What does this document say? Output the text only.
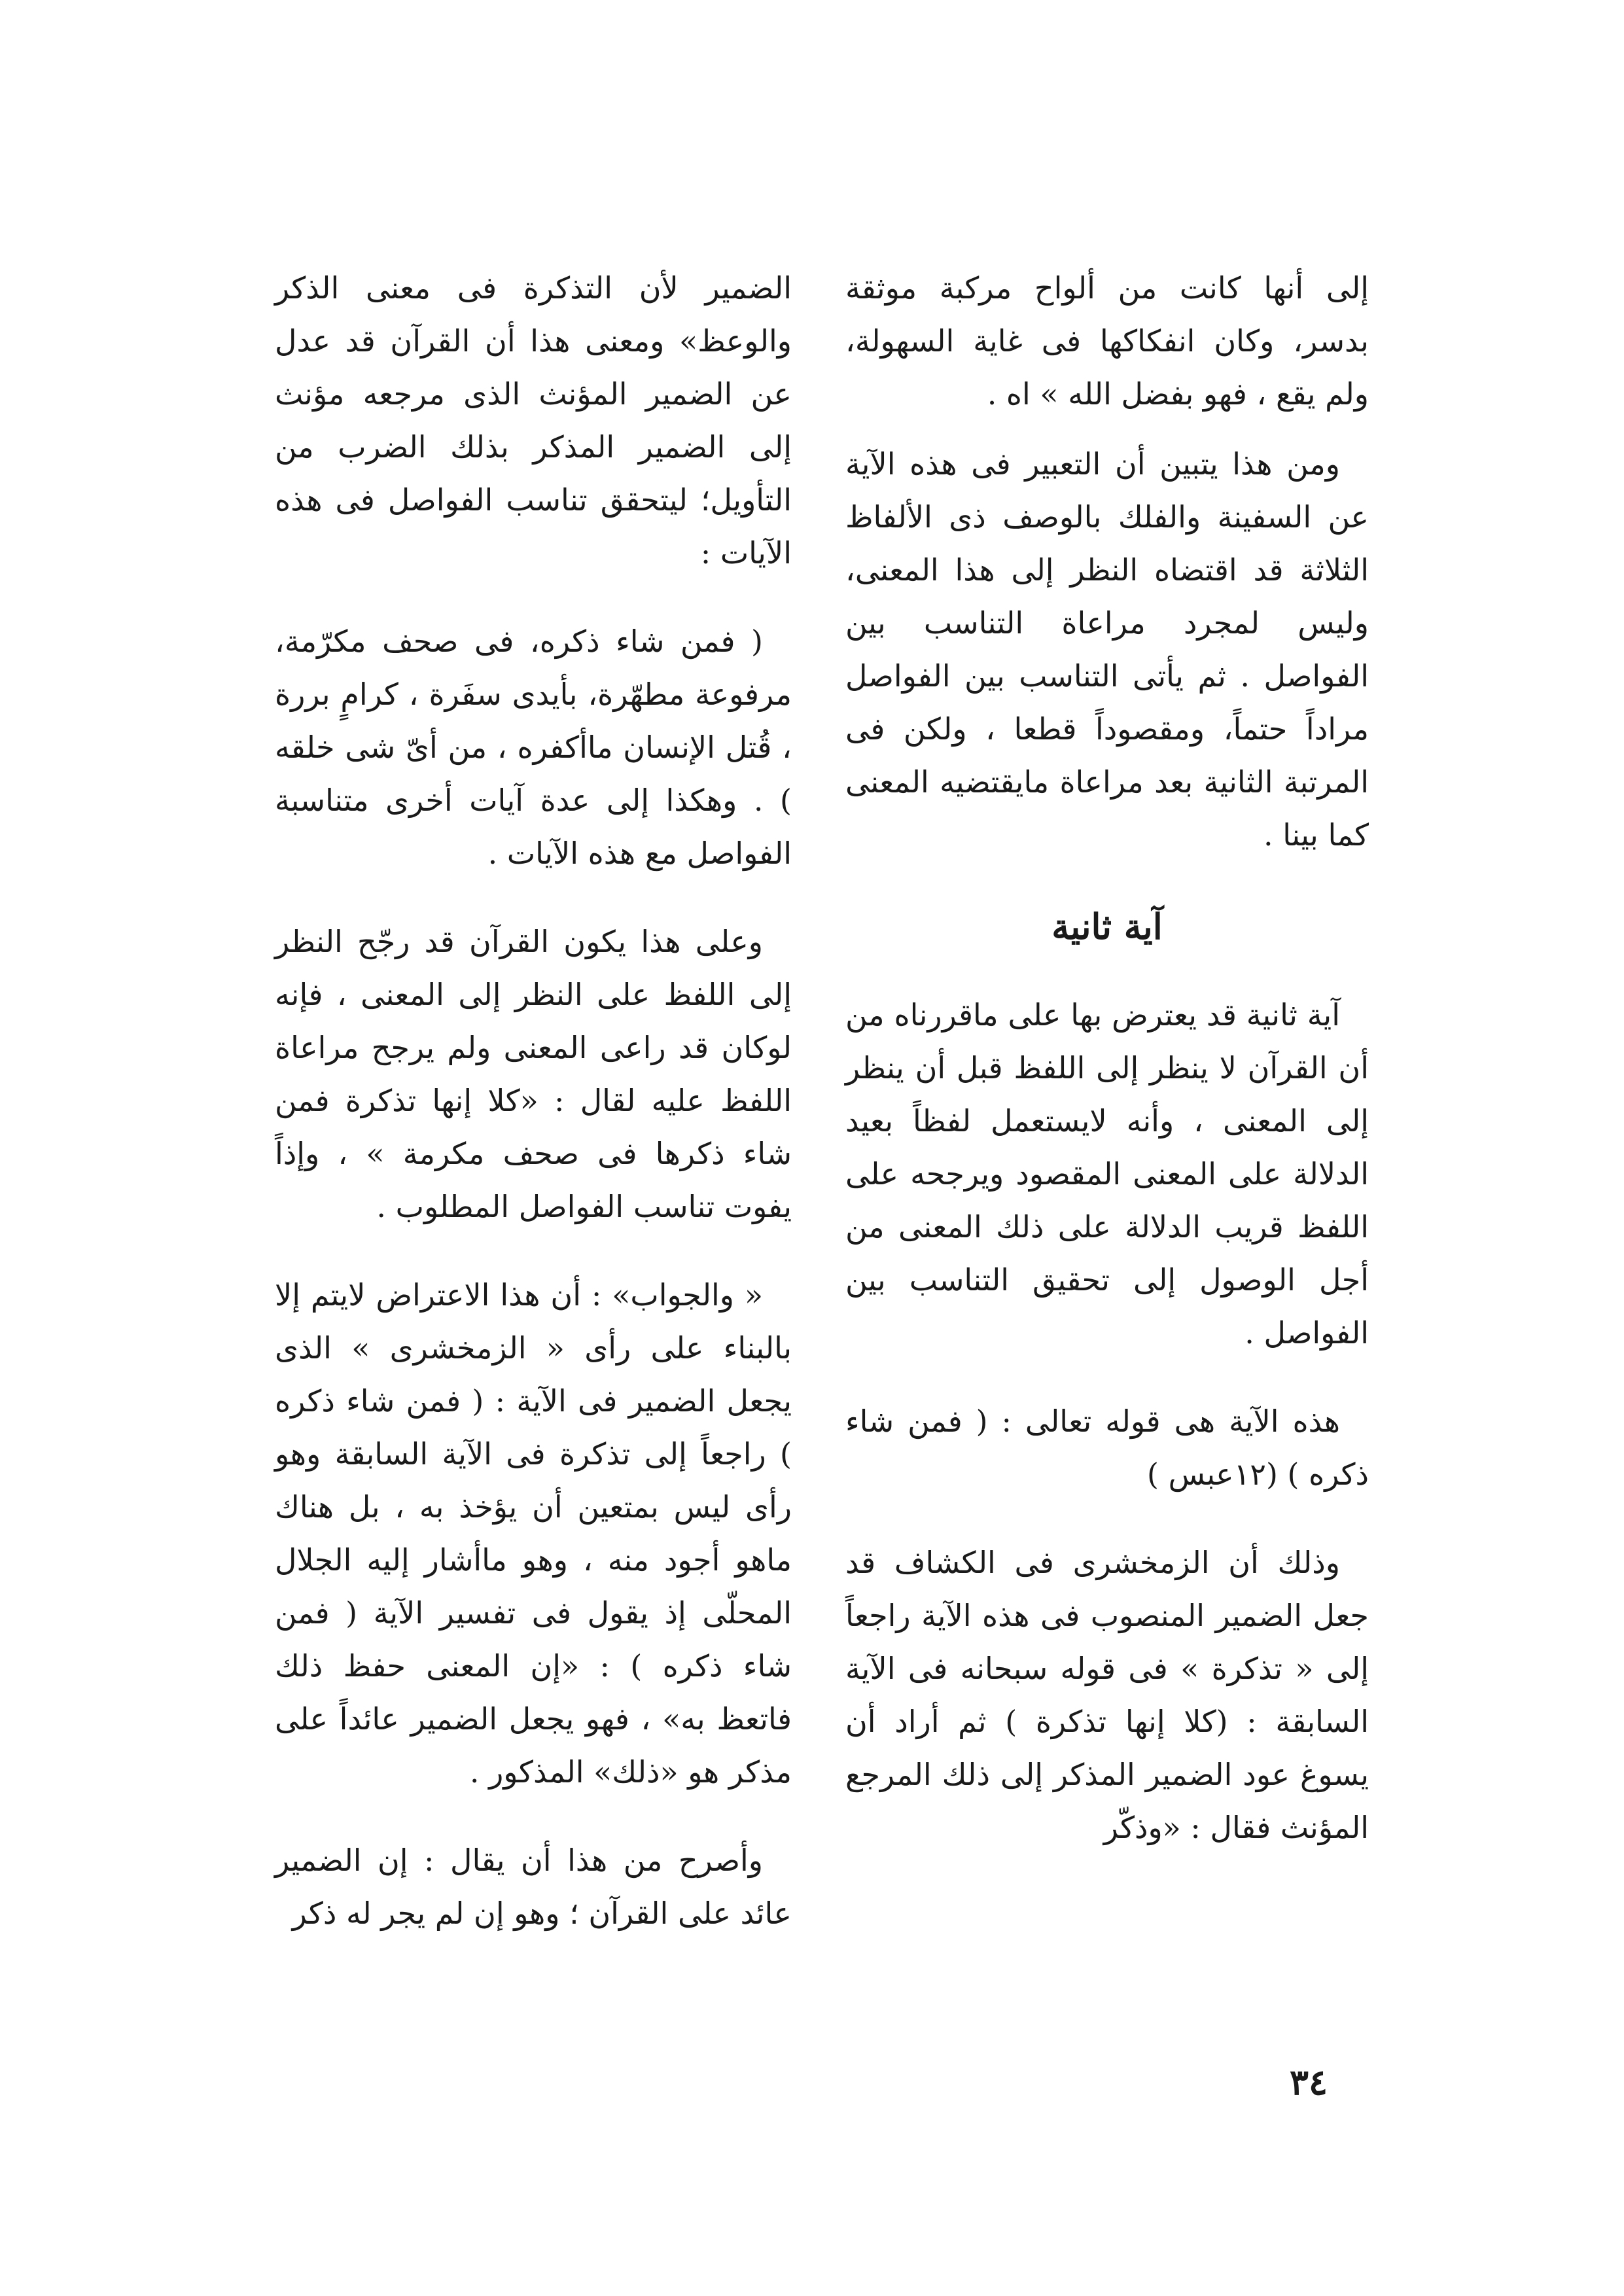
إلى أنها كانت من ألواح مركبة موثقة بدسر، وكان انفكاكها فى غاية السهولة، ولم يقع ، فهو بفضل الله » اه .

ومن هذا يتبين أن التعبير فى هذه الآية عن السفينة والفلك بالوصف ذى الألفاظ الثلاثة قد اقتضاه النظر إلى هذا المعنى، وليس لمجرد مراعاة التناسب بين الفواصل . ثم يأتى التناسب بين الفواصل مراداً حتماً، ومقصوداً قطعا ، ولكن فى المرتبة الثانية بعد مراعاة مايقتضيه المعنى كما بينا .

آية ثانية

آية ثانية قد يعترض بها على ماقررناه من أن القرآن لا ينظر إلى اللفظ قبل أن ينظر إلى المعنى ، وأنه لايستعمل لفظاً بعيد الدلالة على المعنى المقصود ويرجحه على اللفظ قريب الدلالة على ذلك المعنى من أجل الوصول إلى تحقيق التناسب بين الفواصل .

هذه الآية هى قوله تعالى : ( فمن شاء ذكره ) (١٢عبس )

وذلك أن الزمخشرى فى الكشاف قد جعل الضمير المنصوب فى هذه الآية راجعاً إلى « تذكرة » فى قوله سبحانه فى الآية السابقة : (كلا إنها تذكرة ) ثم أراد أن يسوغ عود الضمير المذكر إلى ذلك المرجع المؤنث فقال : «وذكّر

الضمير لأن التذكرة فى معنى الذكر والوعظ» ومعنى هذا أن القرآن قد عدل عن الضمير المؤنث الذى مرجعه مؤنث إلى الضمير المذكر بذلك الضرب من التأويل؛ ليتحقق تناسب الفواصل فى هذه الآيات :

( فمن شاء ذكره، فى صحف مكرّمة، مرفوعة مطهّرة، بأيدى سفَرة ، كرامٍ بررة ، قُتل الإنسان ماأكفره ، من أىّ شى خلقه ) . وهكذا إلى عدة آيات أخرى متناسبة الفواصل مع هذه الآيات .

وعلى هذا يكون القرآن قد رجّح النظر إلى اللفظ على النظر إلى المعنى ، فإنه لوكان قد راعى المعنى ولم يرجح مراعاة اللفظ عليه لقال : «كلا إنها تذكرة فمن شاء ذكرها فى صحف مكرمة » ، وإذاً يفوت تناسب الفواصل المطلوب .

« والجواب» : أن هذا الاعتراض لايتم إلا بالبناء على رأى « الزمخشرى » الذى يجعل الضمير فى الآية : ( فمن شاء ذكره ) راجعاً إلى تذكرة فى الآية السابقة وهو رأى ليس بمتعين أن يؤخذ به ، بل هناك ماهو أجود منه ، وهو ماأشار إليه الجلال المحلّى إذ يقول فى تفسير الآية ( فمن شاء ذكره ) : «إن المعنى حفظ ذلك فاتعظ به» ، فهو يجعل الضمير عائداً على مذكر هو «ذلك» المذكور .

وأصرح من هذا أن يقال : إن الضمير عائد على القرآن ؛ وهو إن لم يجر له ذكر

٣٤
